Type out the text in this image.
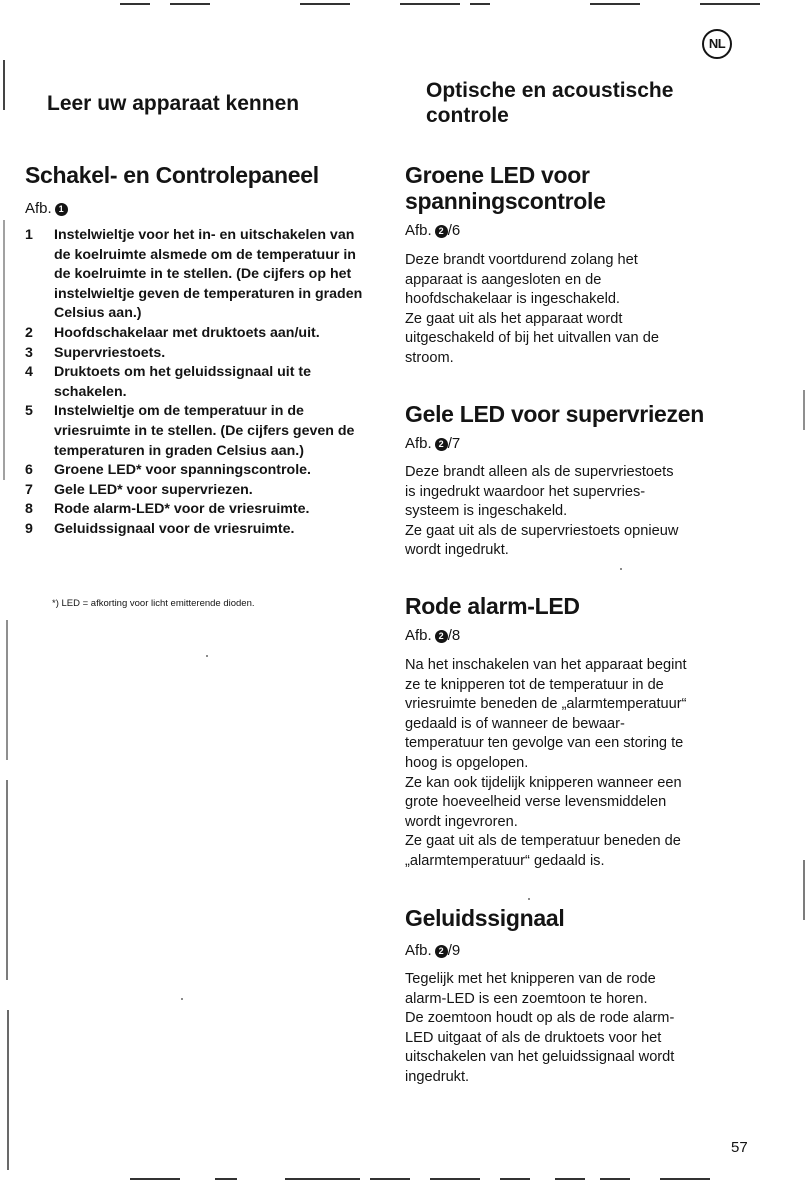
NL
Leer uw apparaat kennen
Schakel- en Controlepaneel
Afb. 1
1	Instelwieltje voor het in- en uitschakelen van de koelruimte alsmede om de temperatuur in de koelruimte in te stellen. (De cijfers op het instelwieltje geven de temperaturen in graden Celsius aan.)
2	Hoofdschakelaar met druktoets aan/uit.
3	Supervriestoets.
4	Druktoets om het geluidssignaal uit te schakelen.
5	Instelwieltje om de temperatuur in de vriesruimte in te stellen. (De cijfers geven de temperaturen in graden Celsius aan.)
6	Groene LED* voor spanningscontrole.
7	Gele LED* voor supervriezen.
8	Rode alarm-LED* voor de vriesruimte.
9	Geluidssignaal voor de vriesruimte.
*) LED = afkorting voor licht emitterende dioden.
Optische en acoustische
controle
Groene LED voor
spanningscontrole
Afb. 2 /6

Deze brandt voortdurend zolang het

apparaat is aangesloten en de

hoofdschakelaar is ingeschakeld.

Ze gaat uit als het apparaat wordt

uitgeschakeld of bij het uitvallen van de

stroom.

Gele LED voor supervriezen
Afb. 2 /7

Deze brandt alleen als de supervriestoets

is ingedrukt waardoor het supervries-

systeem is ingeschakeld.

Ze gaat uit als de supervriestoets opnieuw

wordt ingedrukt.

Rode alarm-LED
Afb. 2 /8

Na het inschakelen van het apparaat begint

ze te knipperen tot de temperatuur in de

vriesruimte beneden de „alarmtemperatuur“

gedaald is of wanneer de bewaar-

temperatuur ten gevolge van een storing te

hoog is opgelopen.

Ze kan ook tijdelijk knipperen wanneer een

grote hoeveelheid verse levensmiddelen

wordt ingevroren.

Ze gaat uit als de temperatuur beneden de

„alarmtemperatuur“ gedaald is.

Geluidssignaal
Afb. 2 /9

Tegelijk met het knipperen van de rode

alarm-LED is een zoemtoon te horen.

De zoemtoon houdt op als de rode alarm-

LED uitgaat of als de druktoets voor het

uitschakelen van het geluidssignaal wordt

ingedrukt.

57
